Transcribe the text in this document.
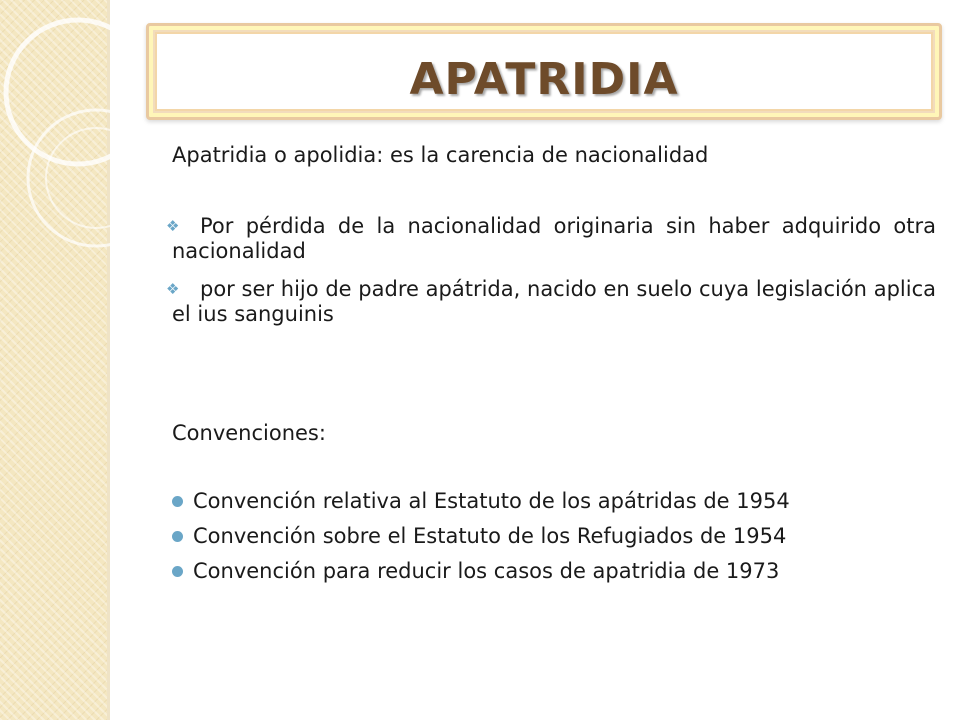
APATRIDIA

Apatridia o apolidia: es la carencia de nacionalidad

❖ Por pérdida de la nacionalidad originaria sin haber adquirido otra nacionalidad
❖ por ser hijo de padre apátrida, nacido en suelo cuya legislación aplica el ius sanguinis

Convenciones:

Convención relativa al Estatuto de los apátridas de 1954
Convención sobre el Estatuto de los Refugiados de 1954
Convención para reducir los casos de apatridia de 1973
